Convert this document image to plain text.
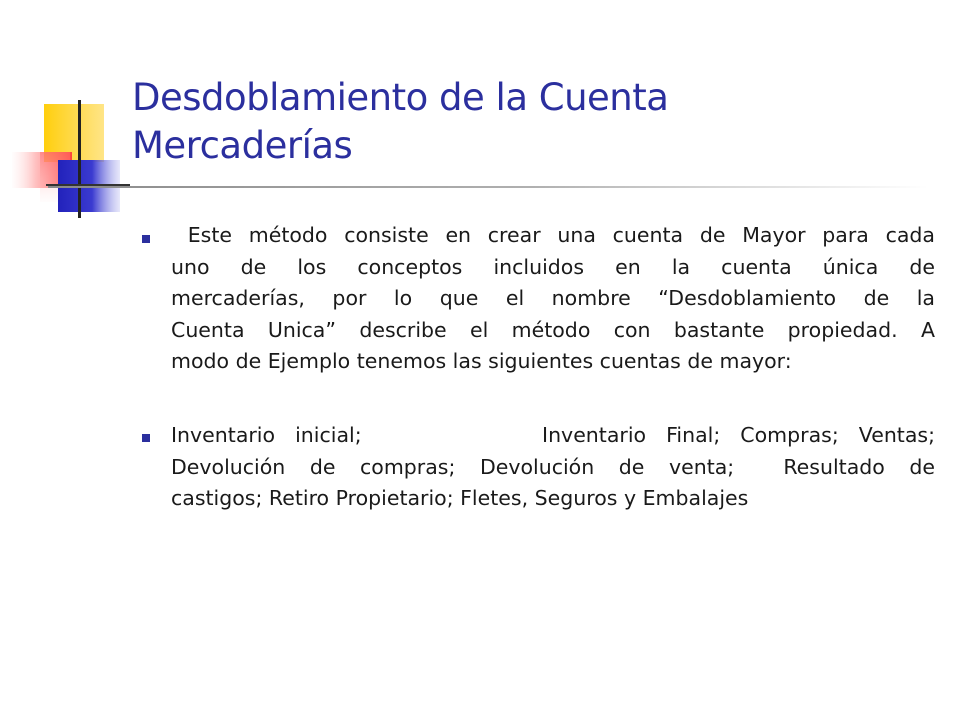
Desdoblamiento de la Cuenta
Mercaderías

Este método consiste en crear una cuenta de Mayor para cada
uno de los conceptos incluidos en la cuenta única de
mercaderías, por lo que el nombre “Desdoblamiento de la
Cuenta Unica” describe el método con bastante propiedad. A
modo de Ejemplo tenemos las siguientes cuentas de mayor:

Inventario inicial;         Inventario Final; Compras; Ventas;
Devolución de compras; Devolución de venta;  Resultado de
castigos; Retiro Propietario; Fletes, Seguros y Embalajes
